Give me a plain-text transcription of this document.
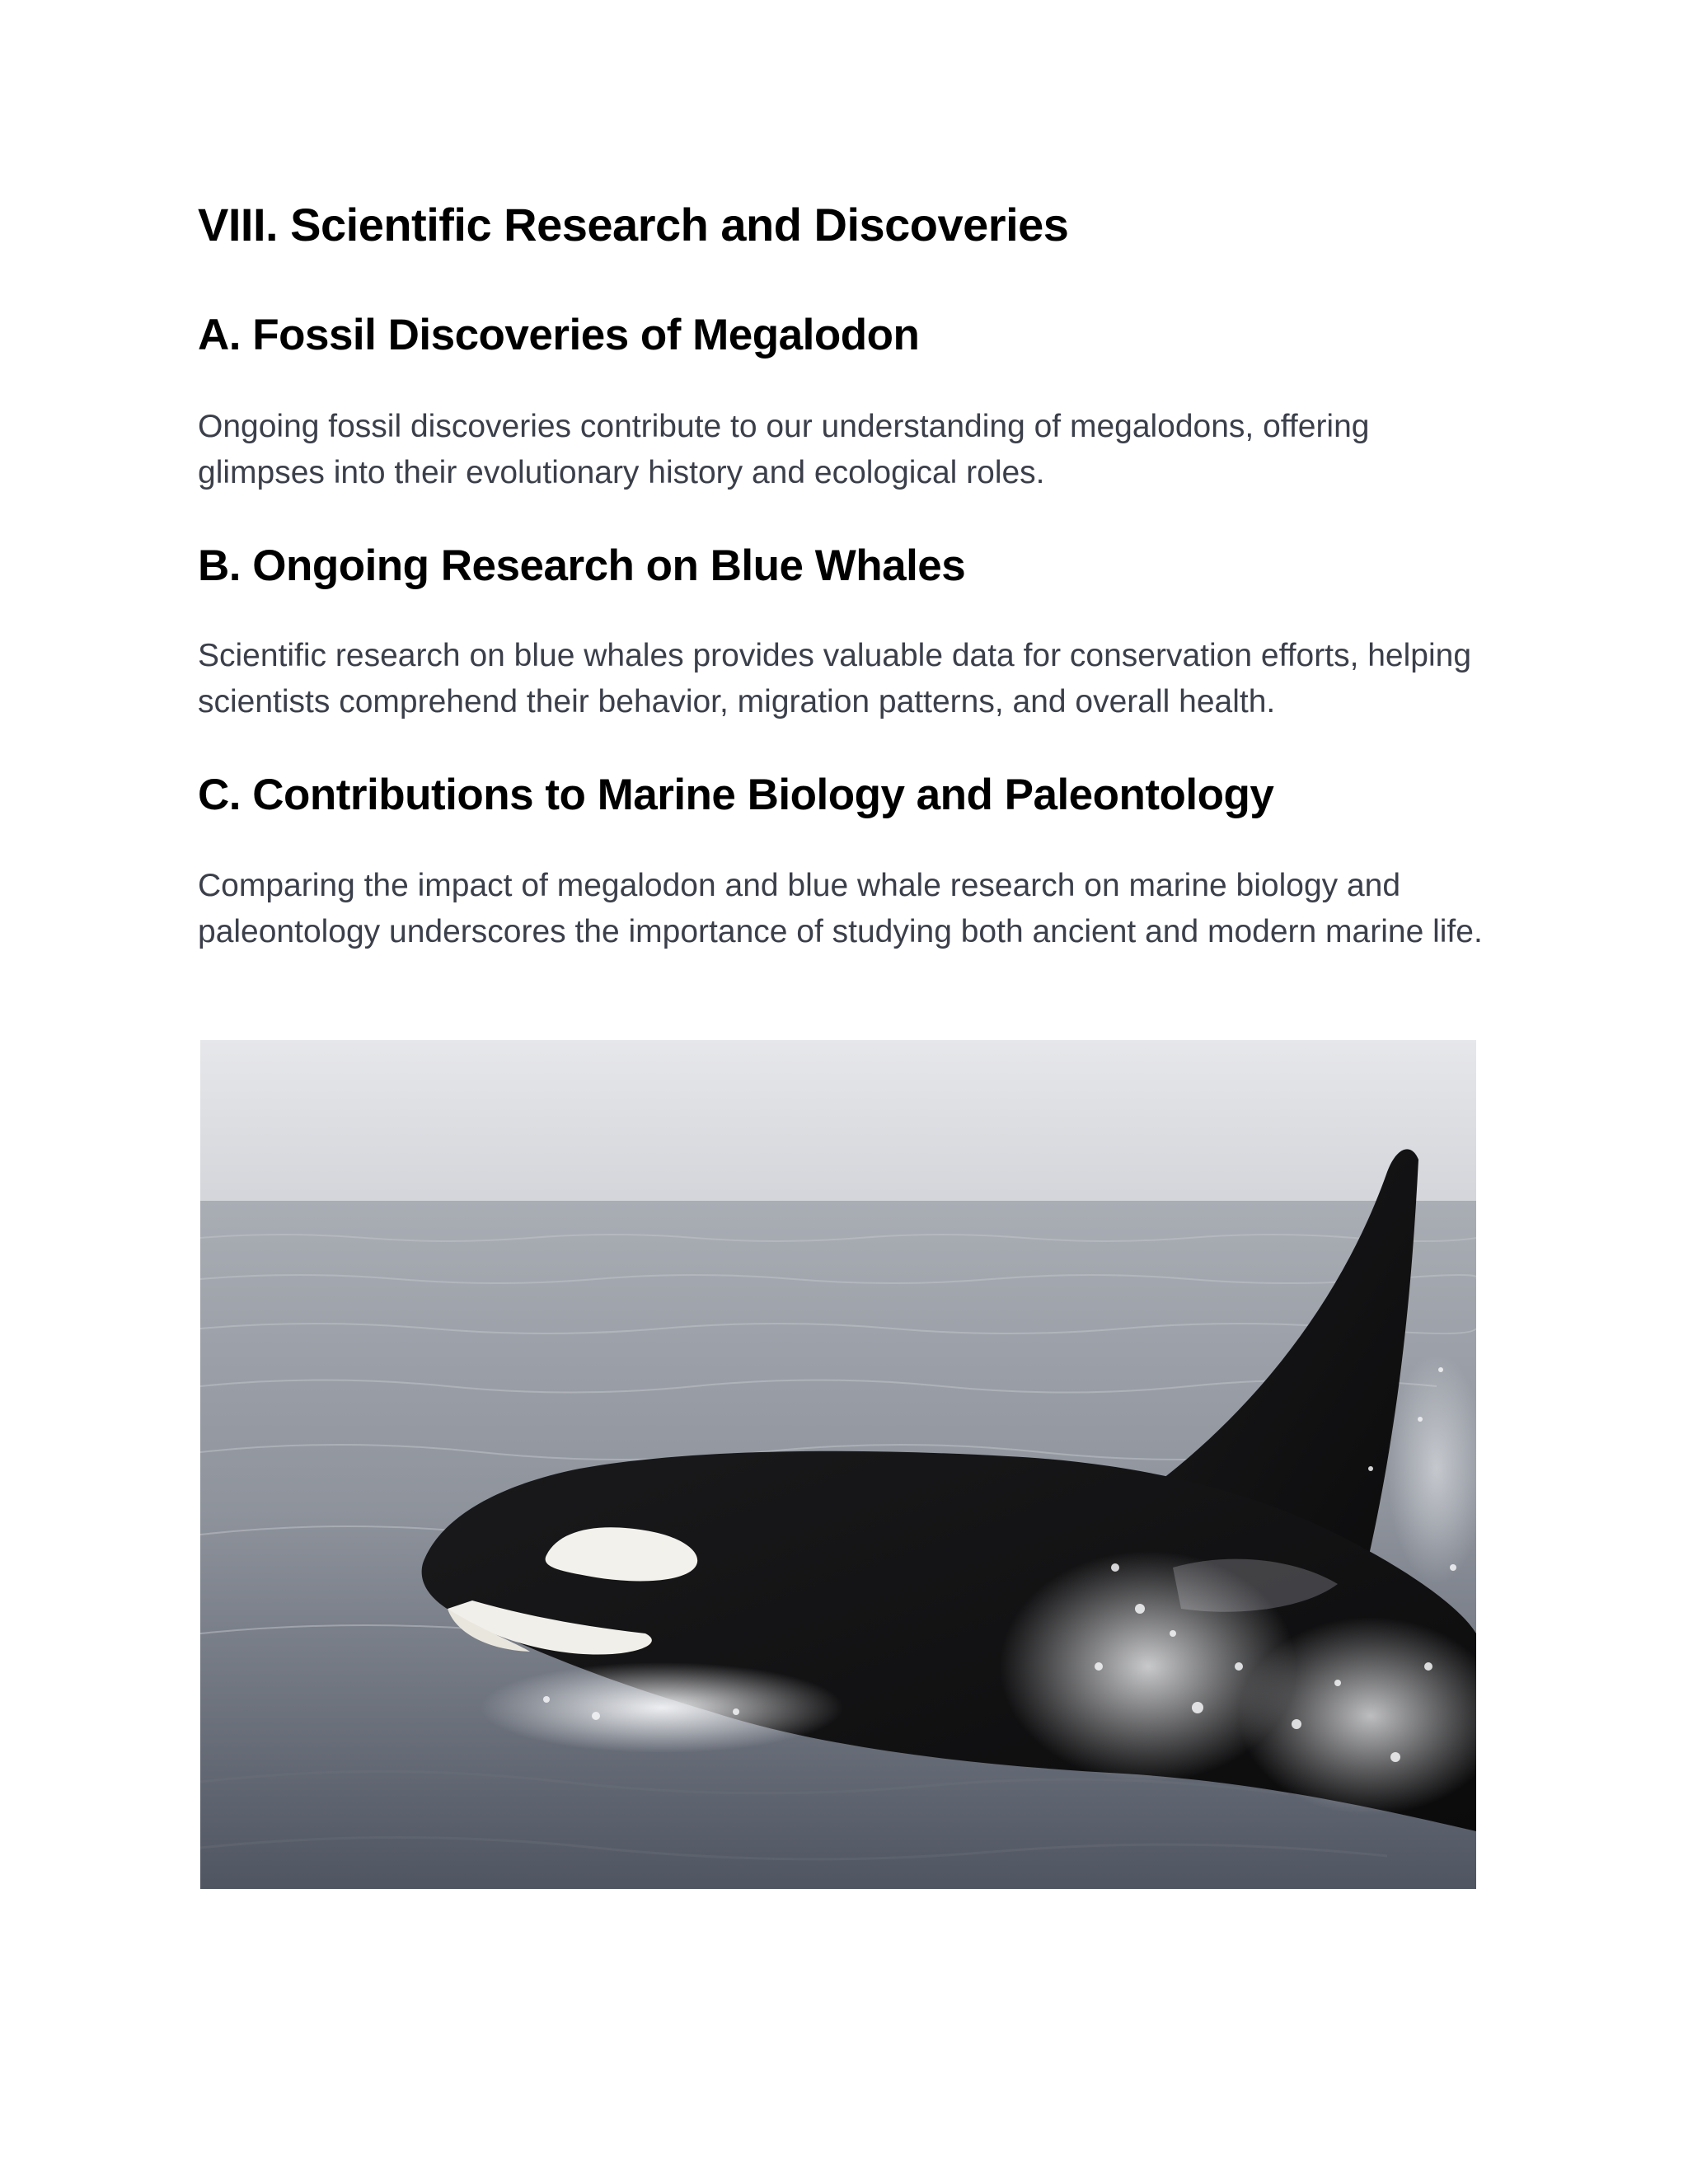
VIII. Scientific Research and Discoveries
A. Fossil Discoveries of Megalodon

Ongoing fossil discoveries contribute to our understanding of megalodons, offering glimpses into their evolutionary history and ecological roles.

B. Ongoing Research on Blue Whales

Scientific research on blue whales provides valuable data for conservation efforts, helping scientists comprehend their behavior, migration patterns, and overall health.

C. Contributions to Marine Biology and Paleontology

Comparing the impact of megalodon and blue whale research on marine biology and paleontology underscores the importance of studying both ancient and modern marine life.
